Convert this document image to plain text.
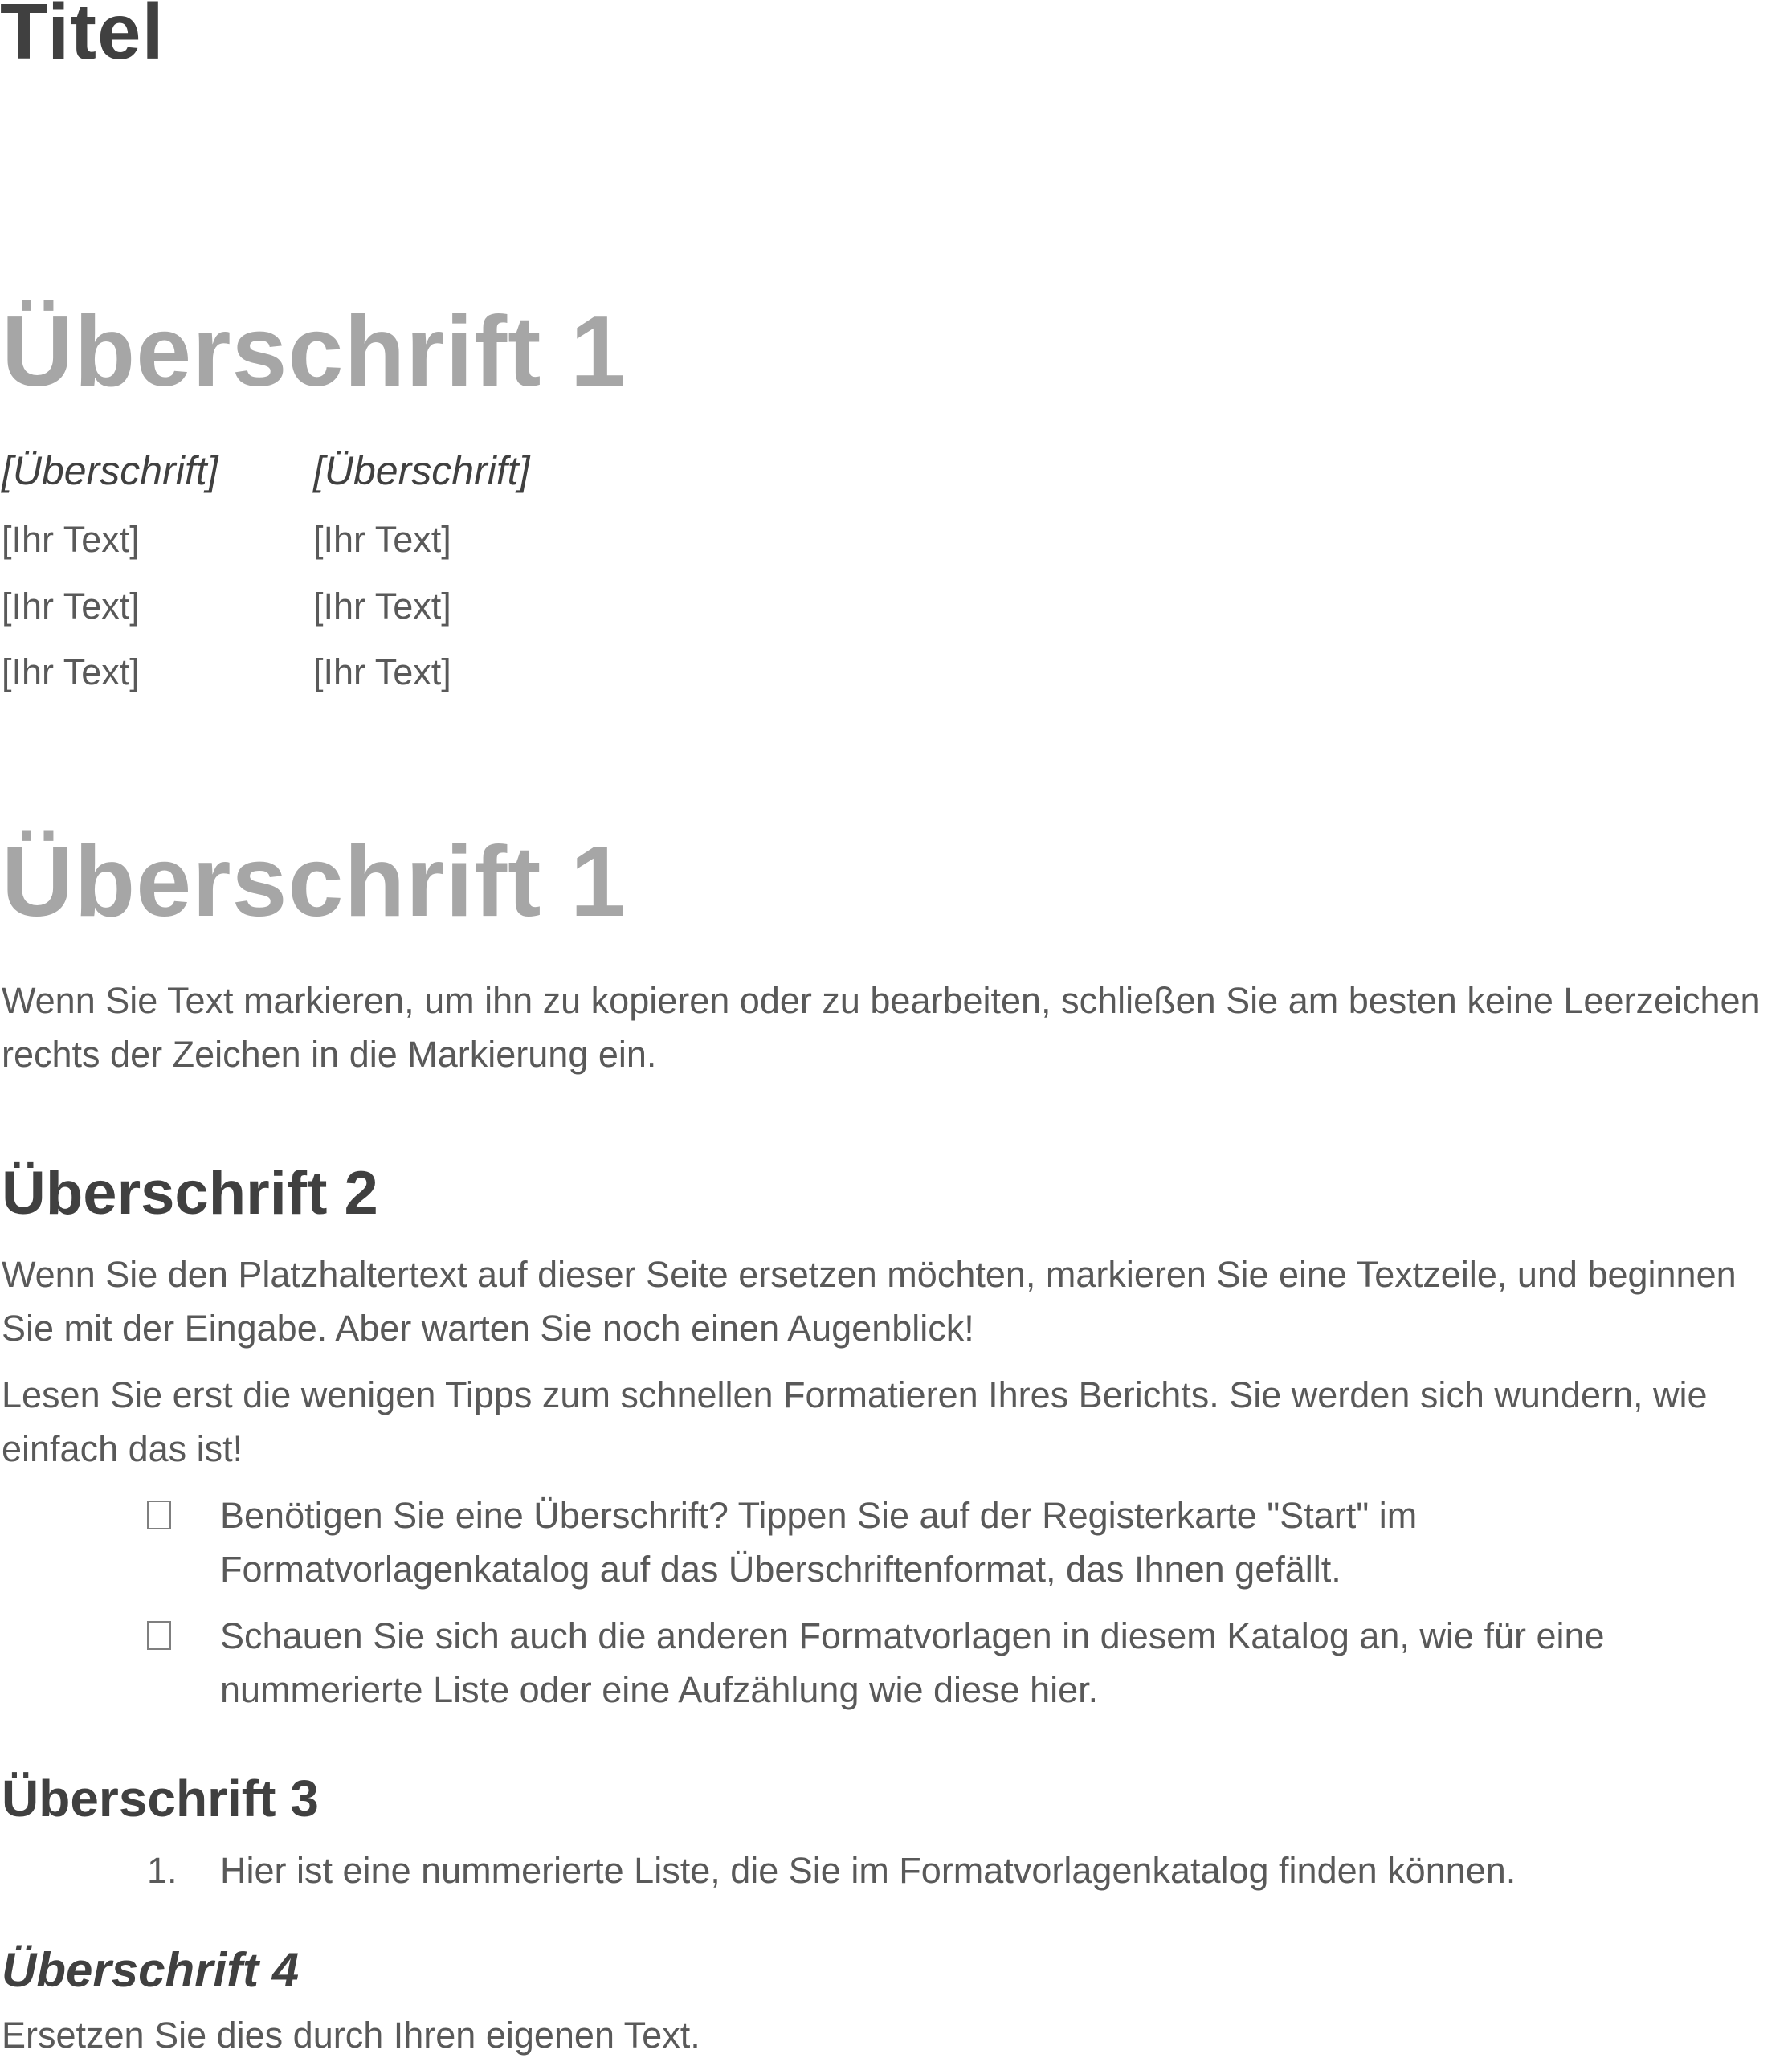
Titel
Überschrift 1
[Überschrift] [Überschrift]
[Ihr Text]	[Ihr Text]
[Ihr Text]	[Ihr Text]
[Ihr Text]	[Ihr Text]
Überschrift 1

Wenn Sie Text markieren, um ihn zu kopieren oder zu bearbeiten, schließen Sie am besten keine Leerzeichen rechts der Zeichen in die Markierung ein.

Überschrift 2

Wenn Sie den Platzhaltertext auf dieser Seite ersetzen möchten, markieren Sie eine Textzeile, und beginnen Sie mit der Eingabe. Aber warten Sie noch einen Augenblick!

Lesen Sie erst die wenigen Tipps zum schnellen Formatieren Ihres Berichts. Sie werden sich wundern, wie einfach das ist!

Benötigen Sie eine Überschrift? Tippen Sie auf der Registerkarte "Start" im Formatvorlagenkatalog auf das Überschriftenformat, das Ihnen gefällt.

Schauen Sie sich auch die anderen Formatvorlagen in diesem Katalog an, wie für eine nummerierte Liste oder eine Aufzählung wie diese hier.

Überschrift 3
1. Hier ist eine nummerierte Liste, die Sie im Formatvorlagenkatalog finden können.

Überschrift 4

Ersetzen Sie dies durch Ihren eigenen Text.
